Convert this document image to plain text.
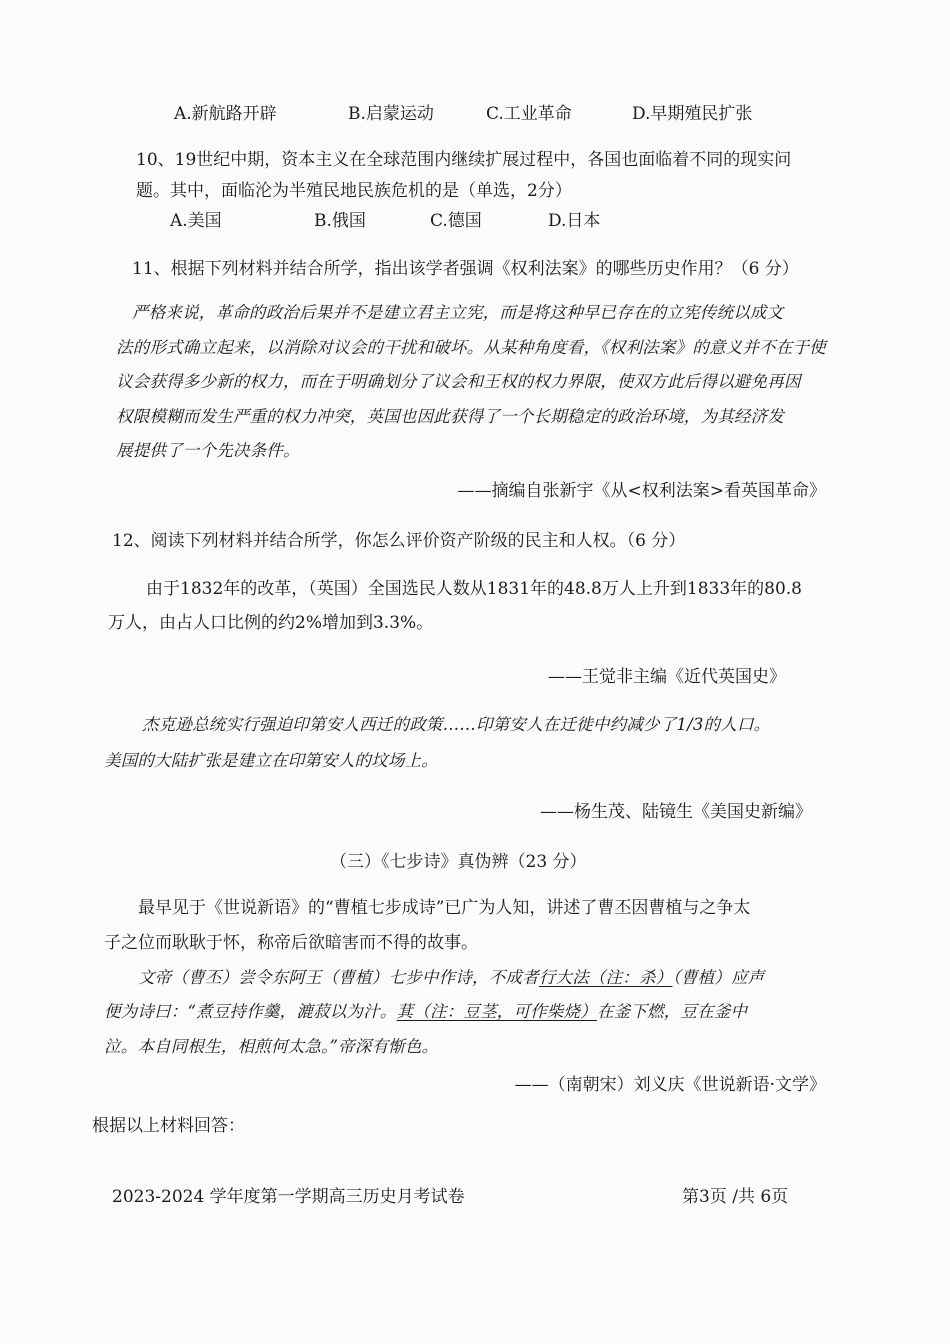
A.新航路开辟	B.启蒙运动	C.工业革命	D.早期殖民扩张
10、19世纪中期，资本主义在全球范围内继续扩展过程中，各国也面临着不同的现实问
题。其中，面临沦为半殖民地民族危机的是（单选，2分）
A.美国	B.俄国	C.德国	D.日本
11、根据下列材料并结合所学，指出该学者强调《权利法案》的哪些历史作用？（6 分）
严格来说，革命的政治后果并不是建立君主立宪，而是将这种早已存在的立宪传统以成文
法的形式确立起来，以消除对议会的干扰和破坏。从某种角度看，《权利法案》的意义并不在于使
议会获得多少新的权力，而在于明确划分了议会和王权的权力界限，使双方此后得以避免再因
权限模糊而发生严重的权力冲突，英国也因此获得了一个长期稳定的政治环境，为其经济发
展提供了一个先决条件。
——摘编自张新宇《从<权利法案>看英国革命》
12、阅读下列材料并结合所学，你怎么评价资产阶级的民主和人权。（6 分）
由于1832年的改革，（英国）全国选民人数从1831年的48.8万人上升到1833年的80.8
万人，由占人口比例的约2%增加到3.3%。
——王觉非主编《近代英国史》
杰克逊总统实行强迫印第安人西迁的政策……印第安人在迁徙中约减少了1/3的人口。
美国的大陆扩张是建立在印第安人的坟场上。
——杨生茂、陆镜生《美国史新编》
（三）《七步诗》真伪辨（23 分）
最早见于《世说新语》的“曹植七步成诗”已广为人知，讲述了曹丕因曹植与之争太
子之位而耿耿于怀，称帝后欲暗害而不得的故事。
文帝（曹丕）尝令东阿王（曹植）七步中作诗，不成者行大法（注：杀）（曹植）应声
便为诗曰：“煮豆持作羹，漉菽以为汁。萁（注：豆茎，可作柴烧）在釜下燃，豆在釜中
泣。本自同根生，相煎何太急。”帝深有惭色。
——（南朝宋）刘义庆《世说新语·文学》
根据以上材料回答：
2023-2024 学年度第一学期高三历史月考试卷	第3页 /共 6页
